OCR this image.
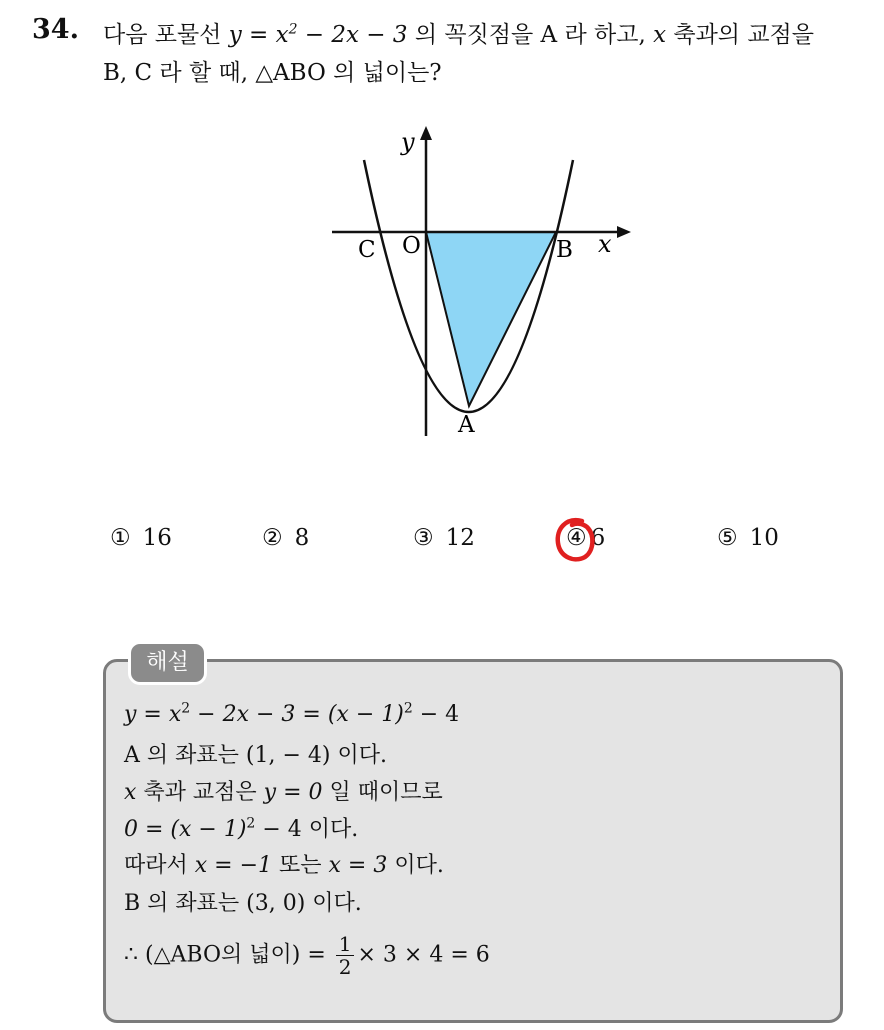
34. 다음 포물선 $y = x^2 - 2x - 3$ 의 꼭짓점을 A 라 하고, x 축과의 교점을
B, C 라 할 때, △ABO 의 넓이는?
y
x
C O	B
A
① 16	② 8	③ 12	④ 6	⑤ 10
해설
$y = x^2 - 2x - 3 = (x - 1)^2 - 4$
A 의 좌표는 (1, − 4) 이다.
x 축과 교점은 y = 0 일 때이므로
$0 = (x - 1)^2 - 4$ 이다.
따라서 x = −1 또는 x = 3 이다.
B 의 좌표는 (3, 0) 이다.
∴ (△ABO의 넓이) = $\frac{1}{2} \times 3 \times 4 = 6$
